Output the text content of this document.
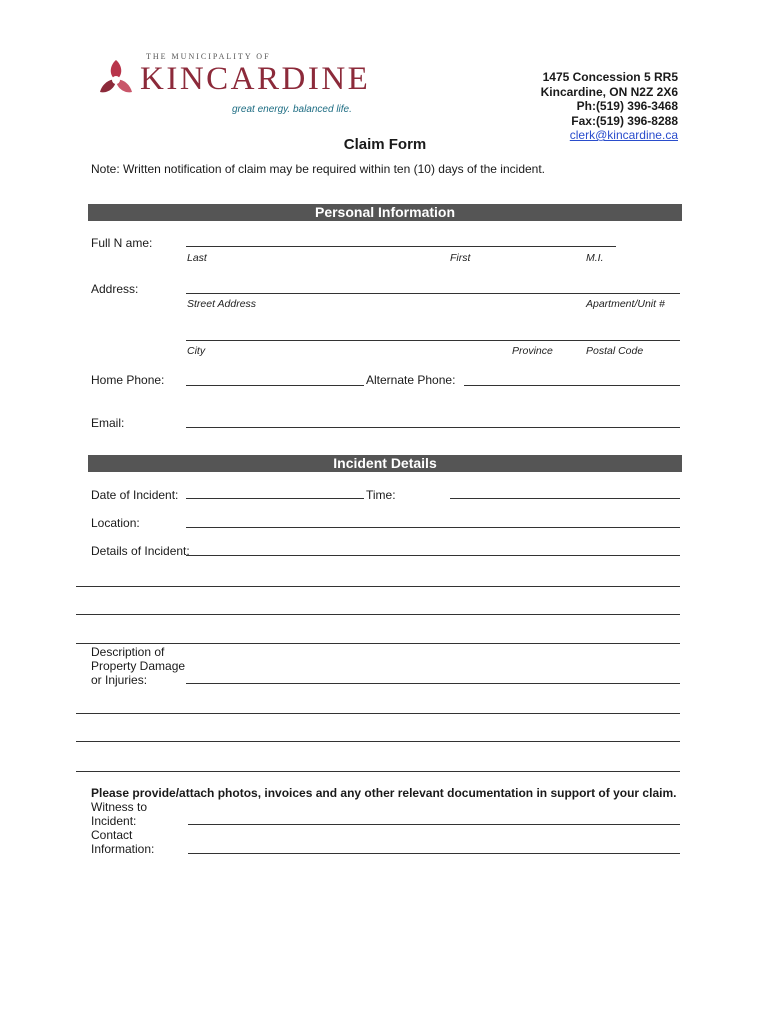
THE MUNICIPALITY OF
KINCARDINE
great energy. balanced life.
1475 Concession 5 RR5
Kincardine, ON N2Z 2X6
Ph:(519) 396-3468
Fax:(519) 396-8288
clerk@kincardine.ca
Claim Form
Note: Written notification of claim may be required within ten (10) days of the incident.
Personal Information
Full N ame:
Last	First	M.I.
Address:
Street Address	Apartment/Unit #
City	Province	Postal Code
Home Phone:	Alternate Phone:
Email:
Incident Details
Date of Incident:	Time:
Location:
Details of Incident:
Description of
Property Damage
or Injuries:
Please provide/attach photos, invoices and any other relevant documentation in support of your claim.
Witness to
Incident:
Contact
Information:
